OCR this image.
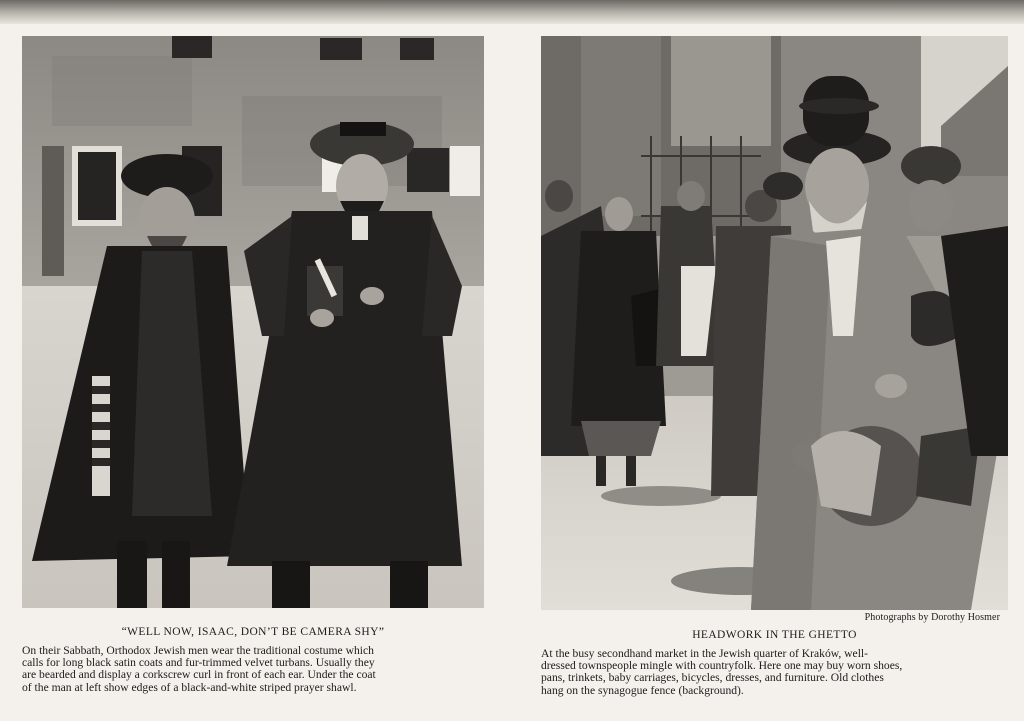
Photographs by Dorothy Hosmer
“WELL NOW, ISAAC, DON’T BE CAMERA SHY”
On their Sabbath, Orthodox Jewish men wear the traditional costume which
calls for long black satin coats and fur-trimmed velvet turbans. Usually they
are bearded and display a corkscrew curl in front of each ear. Under the coat
of the man at left show edges of a black-and-white striped prayer shawl.
HEADWORK IN THE GHETTO
At the busy secondhand market in the Jewish quarter of Kraków, well-
dressed townspeople mingle with countryfolk. Here one may buy worn shoes,
pans, trinkets, baby carriages, bicycles, dresses, and furniture. Old clothes
hang on the synagogue fence (background).
